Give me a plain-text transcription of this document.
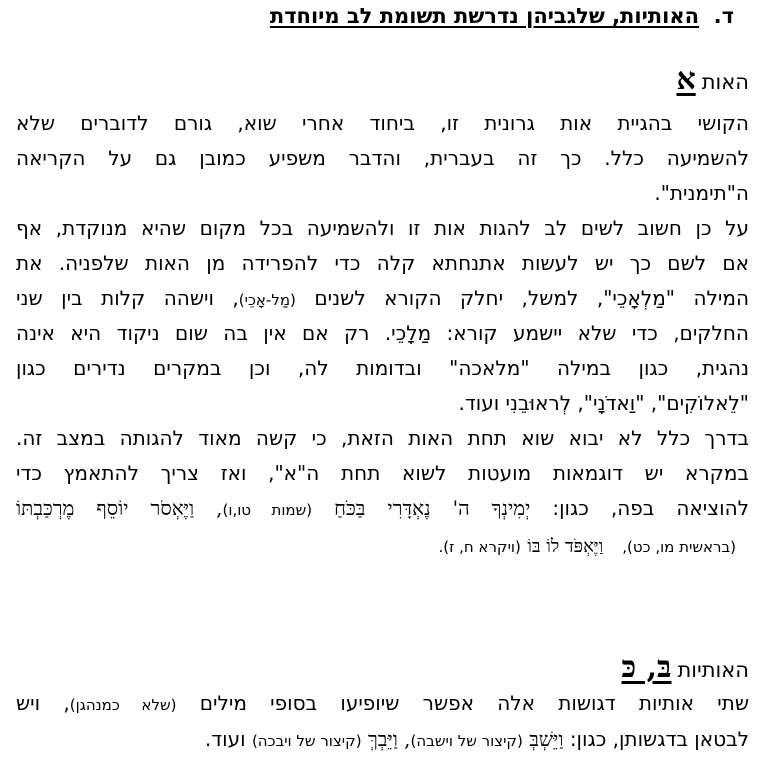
ד.  האותיות, שלגביהן נדרשת תשומת לב מיוחדת
האותא
הקושי בהגיית אות גרונית זו, ביחוד אחרי שוא, גורם לדוברים שלא
להשמיעה כלל. כך זה בעברית, והדבר משפיע כמובן גם על הקריאה
ה"תימנית".
על כן חשוב לשים לב להגות אות זו ולהשמיעה בכל מקום שהיא מנוקדת, אף
אם לשם כך יש לעשות אתנחתא קלה כדי להפרידה מן האות שלפניה. את
המילה "מַלְאָכֵי", למשל, יחלק הקורא לשנים (מַל-אָכֵי), וישהה קלות בין שני
החלקים, כדי שלא יישמע קורא: מַלָכֵי. רק אם אין בה שום ניקוד היא אינה
נהגית, כגון במילה "מלאכה" ובדומות לה, וכן במקרים נדירים כגון
"לֵאלוֹקִים", "וַאדֹנָי", לְראוּבֵנִי ועוד.
בדרך כלל לא יבוא שוא תחת האות הזאת, כי קשה מאוד להגותה במצב זה.
במקרא יש דוגמאות מועטות לשוא תחת ה"א", ואז צריך להתאמץ כדי
להוציאה בפה, כגון: יְמִינְךָ ה' נֶאְדָּרִי בַּכֹּחַ (שמות טו,ו), וַיֶּאְסֹר יוֹסֵף מֶרְכַּבְתּוֹ
(בראשית מו, כט),   וַיֶּאְפֹּד לוֹ בּוֹ (ויקרא ח, ז).
האותיותבּ, כּ
שתי אותיות דגושות אלה אפשר שיופיעו בסופי מילים (שלא כמנהגן), ויש
לבטאן בדגשותן, כגון: וַיֵּשְׁבְּ (קיצור של וישבה), וַיֵּבְךְּ (קיצור של ויבכה) ועוד.
